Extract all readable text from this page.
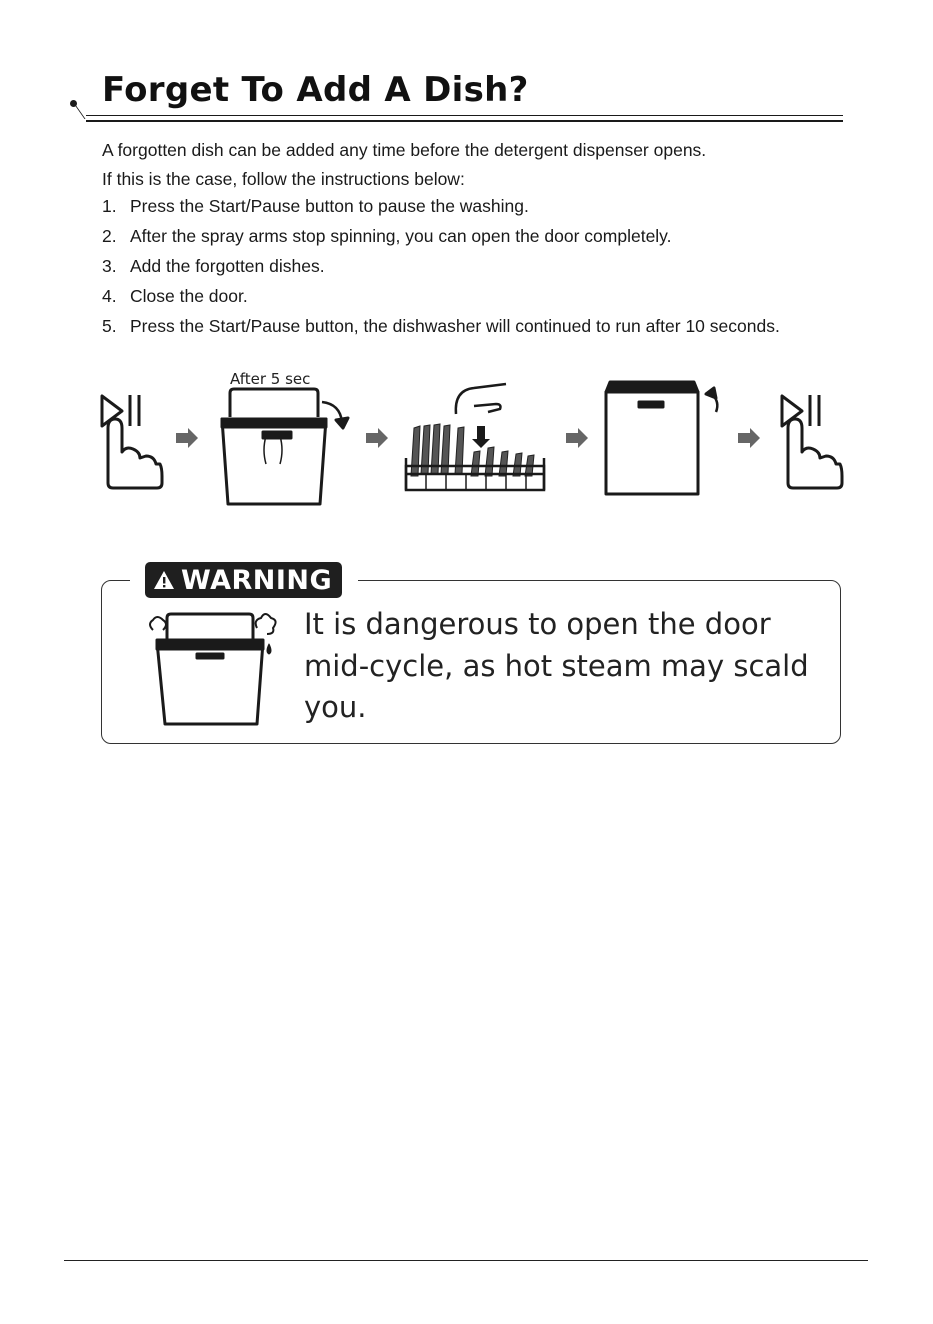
Forget To Add A Dish?

A forgotten dish can be added any time before the detergent dispenser opens.

If this is the case, follow the instructions below:

1. Press the Start/Pause button to pause the washing.
2. After the spray arms stop spinning, you can open the door completely.
3. Add the forgotten dishes.
4. Close the door.
5. Press the Start/Pause button, the dishwasher will continued to run after 10 seconds.
After 5 sec
WARNING

It is dangerous to open the door mid-cycle, as hot steam may scald you.
